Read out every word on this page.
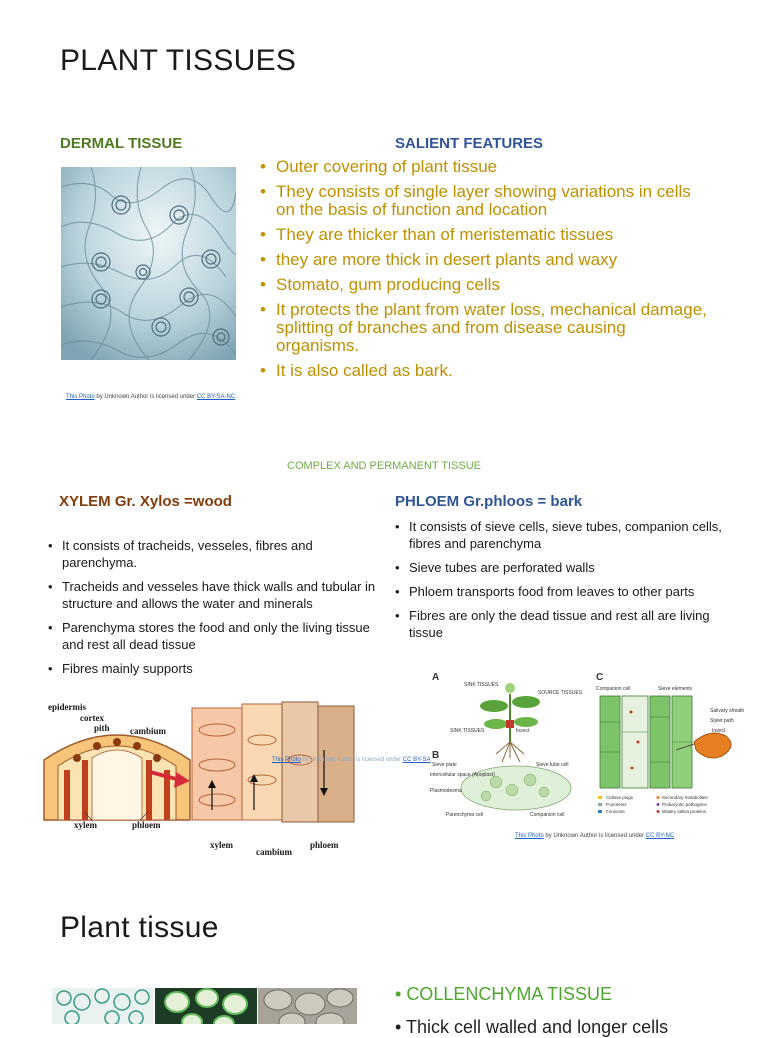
PLANT TISSUES
DERMAL TISSUE	SALIENT FEATURES
This Photo by Unknown Author is licensed under CC BY-SA-NC
• Outer covering of plant tissue
• They consists of single layer showing variations in cells on the basis of function and location
• They are thicker than of meristematic tissues
• they are more thick in desert plants and waxy
• Stomato, gum producing cells
• It protects the plant from water loss, mechanical damage, splitting of branches and from disease causing organisms.
• It is also called as bark.
COMPLEX AND PERMANENT TISSUE
XYLEM Gr. Xylos =wood	PHLOEM Gr.phloos = bark
• It consists of tracheids, vesseles, fibres and parenchyma.
• Tracheids and vesseles have thick walls and tubular in structure and allows the water and minerals
• Parenchyma stores the food and only the living tissue and rest all dead tissue
• Fibres mainly supports
• It consists of sieve cells, sieve tubes, companion cells, fibres and parenchyma
• Sieve tubes are perforated walls
• Phloem transports food from leaves to other parts
• Fibres are only the dead tissue and rest all are living tissue
epidermis
cortex
pith cambium
xylem	phloem
xylem
cambium
phloem
This Photo by Unknown Author is licensed under CC BY-SA
A	C
B
SINK TISSUES
SOURCE TISSUES
Insect
SINK TISSUES
Sieve plate	Sieve tube cell
Intercellular space (Apoplast)
Plasmodesma
Parenchyma cell	Companion cell
Companion cell	Sieve elements
Salivary sheath
Stylet path
Insect
Callose plugs
P-proteins
Forisome
Secondary metabolites
Prokaryotic pathogens
Watery saliva proteins
This Photo by Unknown Author is licensed under CC BY-NC
Plant tissue
• COLLENCHYMA TISSUE
• Thick cell walled and longer cells
